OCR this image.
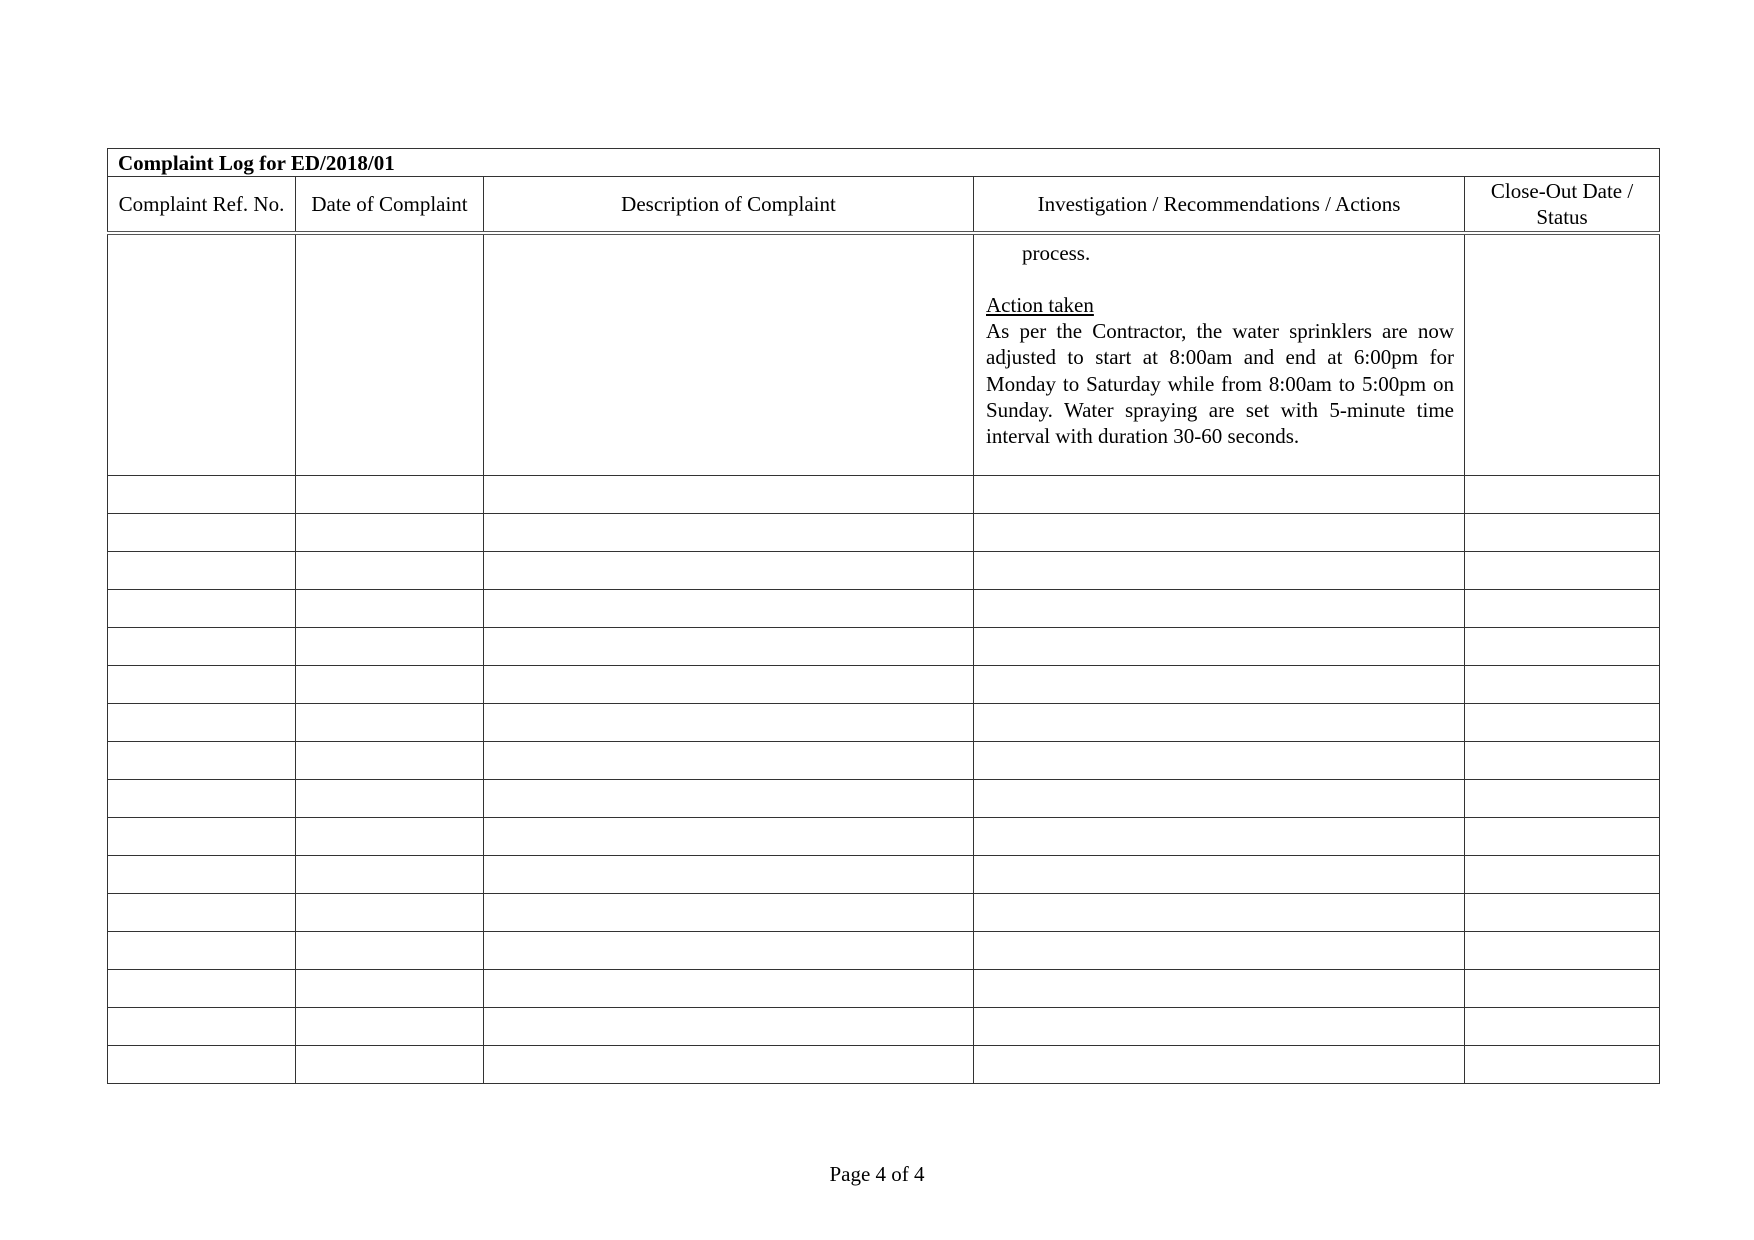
Complaint Log for ED/2018/01				
Complaint Ref. No.	Date of Complaint	Description of Complaint	Investigation / Recommendations / Actions	Close-Out Date / Status

			process.

Action taken

As per the Contractor, the water sprinklers are now adjusted to start at 8:00am and end at 6:00pm for Monday to Saturday while from 8:00am to 5:00pm on Sunday. Water spraying are set with 5-minute time interval with duration 30-60 seconds.	

Page 4 of 4
